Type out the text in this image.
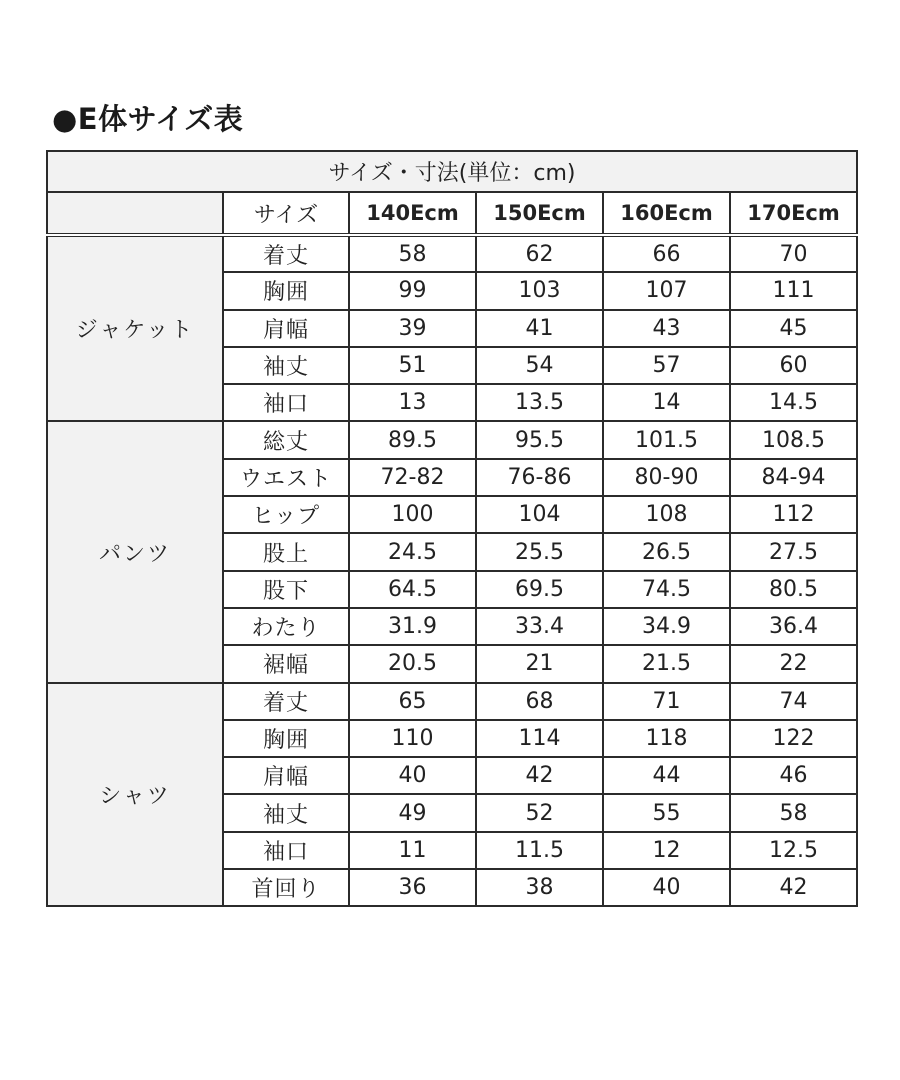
●E体サイズ表
サイズ・寸法(単位：cm)					
	サイズ	140Ecm	150Ecm	160Ecm	170Ecm
ジャケット	着丈	58	62	66	70
	胸囲	99	103	107	111
	肩幅	39	41	43	45
	袖丈	51	54	57	60
	袖口	13	13.5	14	14.5
パンツ	総丈	89.5	95.5	101.5	108.5
	ウエスト	72-82	76-86	80-90	84-94
	ヒップ	100	104	108	112
	股上	24.5	25.5	26.5	27.5
	股下	64.5	69.5	74.5	80.5
	わたり	31.9	33.4	34.9	36.4
	裾幅	20.5	21	21.5	22
シャツ	着丈	65	68	71	74
	胸囲	110	114	118	122
	肩幅	40	42	44	46
	袖丈	49	52	55	58
	袖口	11	11.5	12	12.5
	首回り	36	38	40	42
